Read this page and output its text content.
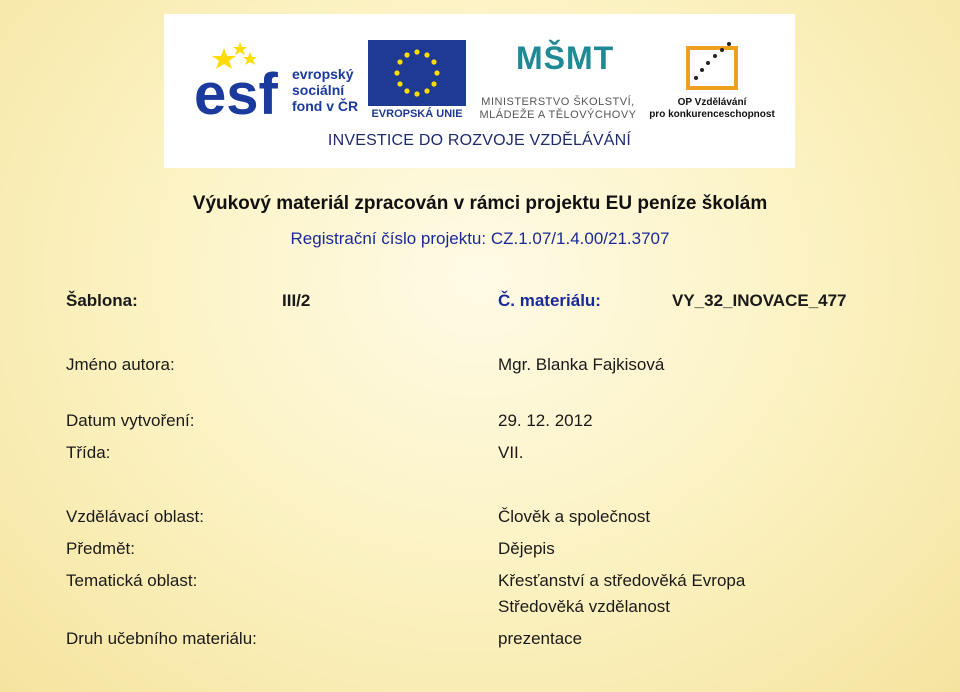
esf evropský
sociální
fond v ČR	EVROPSKÁ UNIE
MŠMT
MINISTERSTVO ŠKOLSTVÍ,
MLÁDEŽE A TĚLOVÝCHOVY
OP Vzdělávání
pro konkurenceschopnost
INVESTICE DO ROZVOJE VZDĚLÁVÁNÍ
Výukový materiál zpracován v rámci projektu EU peníze školám
Registrační číslo projektu: CZ.1.07/1.4.00/21.3707
Šablona:	III/2	Č. materiálu:	VY_32_INOVACE_477
Jméno autora:	Mgr. Blanka Fajkisová
Datum vytvoření:	29. 12. 2012
Třída:	VII.
Vzdělávací oblast:	Člověk a společnost
Předmět:	Dějepis
Tematická oblast:	Křesťanství a středověká Evropa
Středověká vzdělanost
Druh učebního materiálu:	prezentace
